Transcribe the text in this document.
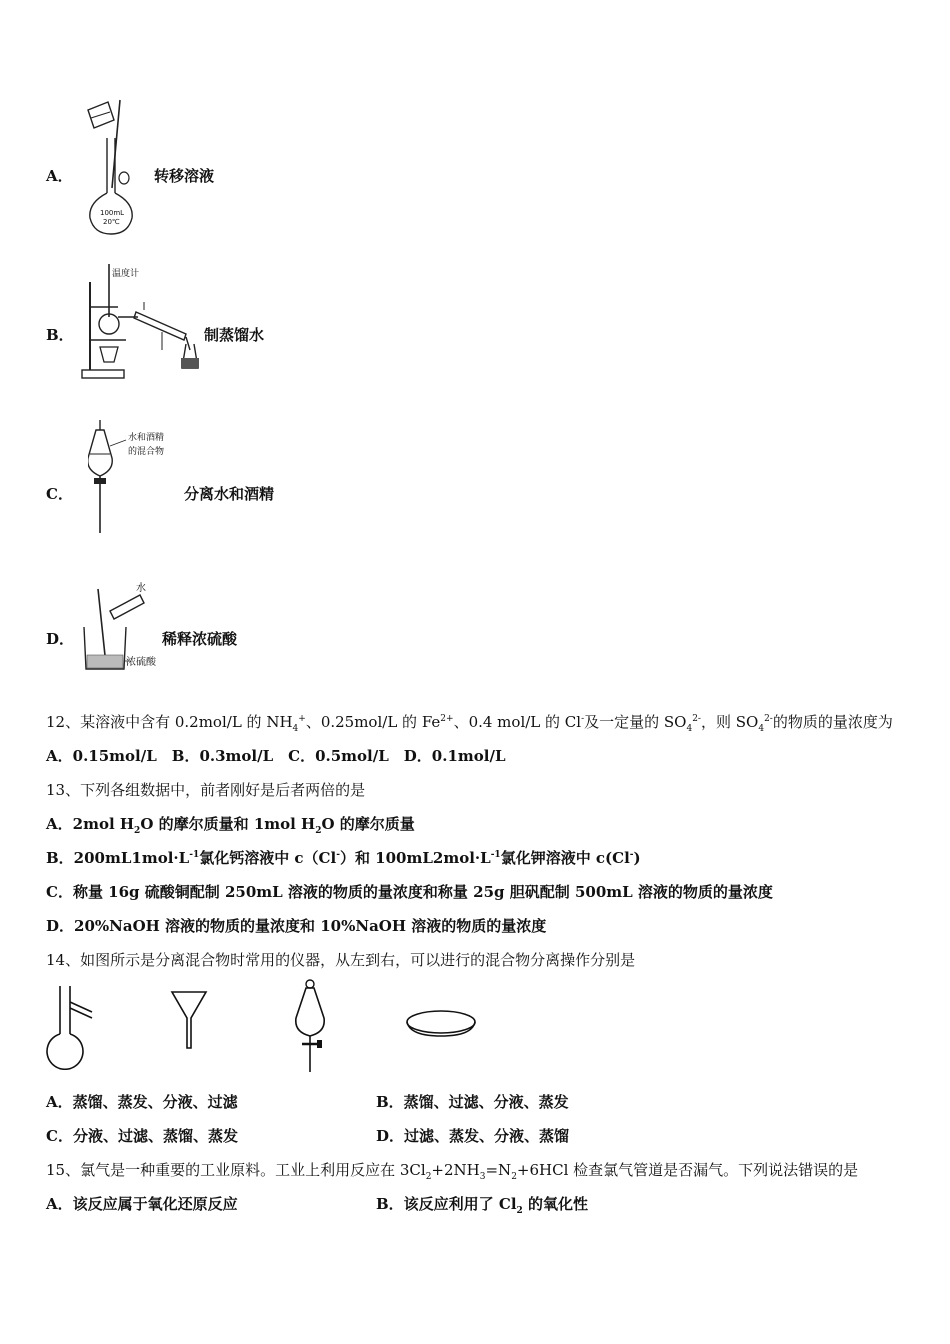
A．
100mL
20℃
转移溶液
B．
温度计
制蒸馏水
C．
水和酒精
的混合物
分离水和酒精
D．
水
浓硫酸
稀释浓硫酸
12、某溶液中含有 0.2mol/L 的 $NH_4^+$、0.25mol/L 的 $Fe^{2+}$、0.4 mol/L 的 Cl-及一定量的 $SO_4^{2-}$，则 $SO_4^{2-}$的物质的量浓度为
A．0.15mol/L　B．0.3mol/L　C．0.5mol/L　D．0.1mol/L
13、下列各组数据中，前者刚好是后者两倍的是
A．2mol $H_2O$ 的摩尔质量和 1mol $H_2O$ 的摩尔质量
B．$200mL1mol\cdot L^{-1}$氯化钙溶液中 c（Cl-）和 $100mL2mol\cdot L^{-1}$氯化钾溶液中 c(Cl-)
C．称量 16g 硫酸铜配制 250mL 溶液的物质的量浓度和称量 25g 胆矾配制 500mL 溶液的物质的量浓度
D．20%NaOH 溶液的物质的量浓度和 10%NaOH 溶液的物质的量浓度
14、如图所示是分离混合物时常用的仪器，从左到右，可以进行的混合物分离操作分别是
A．蒸馏、蒸发、分液、过滤	B．蒸馏、过滤、分液、蒸发
C．分液、过滤、蒸馏、蒸发	D．过滤、蒸发、分液、蒸馏
15、氯气是一种重要的工业原料。工业上利用反应在 $3Cl_2+2NH_3=N_2+6HCl$ 检查氯气管道是否漏气。下列说法错误的是
A．该反应属于氧化还原反应	B．该反应利用了 $Cl_2$ 的氧化性
